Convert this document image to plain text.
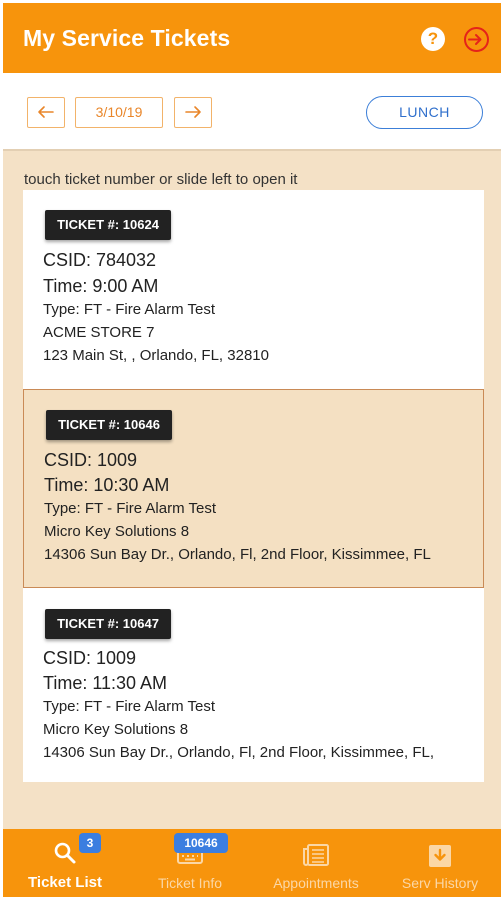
My Service Tickets	?
3/10/19	LUNCH
touch ticket number or slide left to open it
TICKET #: 10624
CSID: 784032
Time: 9:00 AM
Type: FT - Fire Alarm Test
ACME STORE 7
123 Main St, , Orlando, FL, 32810
TICKET #: 10646
CSID: 1009
Time: 10:30 AM
Type: FT - Fire Alarm Test
Micro Key Solutions 8
14306 Sun Bay Dr., Orlando, Fl, 2nd Floor, Kissimmee, FL
TICKET #: 10647
CSID: 1009
Time: 11:30 AM
Type: FT - Fire Alarm Test
Micro Key Solutions 8
14306 Sun Bay Dr., Orlando, Fl, 2nd Floor, Kissimmee, FL,
3
Ticket List
10646
Ticket Info	Appointments	Serv History
